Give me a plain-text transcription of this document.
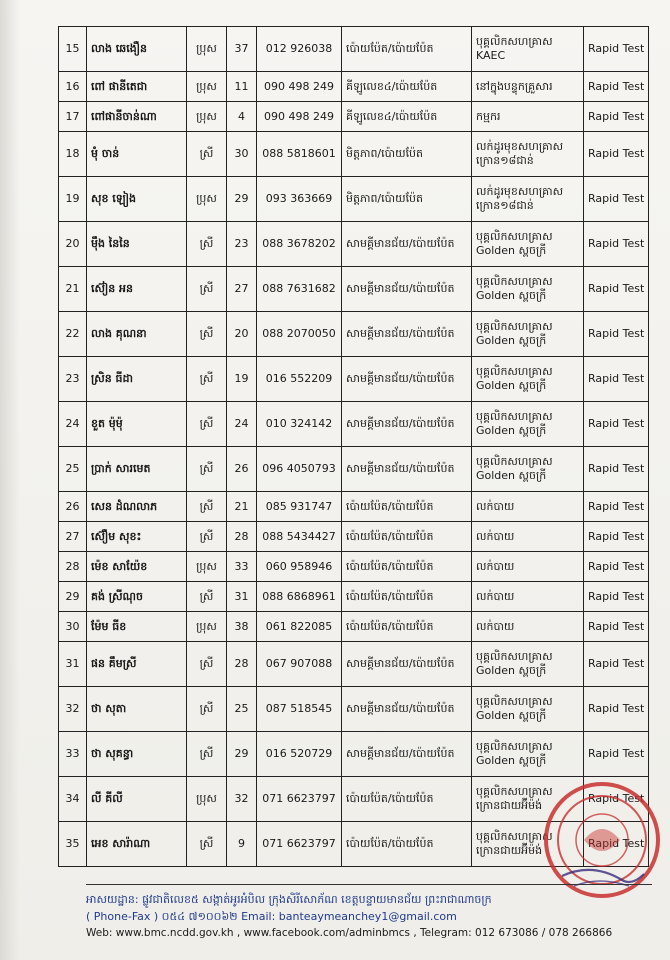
15	លាង ឆេងឿន	ប្រុស	37	012 926038	ប៉ោយប៉ែត/ប៉ោយប៉ែត	បុគ្គលិកសហគ្រាស
KAEC	Rapid Test
16	ពៅ ផានីតេជា	ប្រុស	11	090 498 249	គីឡូលេខ៤/ប៉ោយប៉ែត	នៅក្នុងបន្ទុកគ្រួសារ	Rapid Test
17	ពៅផានីចាន់ណា	ប្រុស	4	090 498 249	គីឡូលេខ៤/ប៉ោយប៉ែត	កម្មករ	Rapid Test
18	មុំ ចាន់	ស្រី	30	088 5818601	មិត្តភាព/ប៉ោយប៉ែត	លក់ដូរមុខសហគ្រាស
ក្រោន១៨ជាន់	Rapid Test
19	សុខ ឡៀង	ប្រុស	29	093 363669	មិត្តភាព/ប៉ោយប៉ែត	លក់ដូរមុខសហគ្រាស
ក្រោន១៨ជាន់	Rapid Test
20	ម៉ឹង នៃនៃ	ស្រី	23	088 3678202	សាមគ្គីមានជ័យ/ប៉ោយប៉ែត	បុគ្គលិកសហគ្រាស
Golden ស្ពចក្រី	Rapid Test
21	ស៊ៀន អន	ស្រី	27	088 7631682	សាមគ្គីមានជ័យ/ប៉ោយប៉ែត	បុគ្គលិកសហគ្រាស
Golden ស្ពចក្រី	Rapid Test
22	លាង គុណនា	ស្រី	20	088 2070050	សាមគ្គីមានជ័យ/ប៉ោយប៉ែត	បុគ្គលិកសហគ្រាស
Golden ស្ពចក្រី	Rapid Test
23	ស្រិន ធីដា	ស្រី	19	016 552209	សាមគ្គីមានជ័យ/ប៉ោយប៉ែត	បុគ្គលិកសហគ្រាស
Golden ស្ពចក្រី	Rapid Test
24	ខួត ម៉ុម៉ុ	ស្រី	24	010 324142	សាមគ្គីមានជ័យ/ប៉ោយប៉ែត	បុគ្គលិកសហគ្រាស
Golden ស្ពចក្រី	Rapid Test
25	ប្រាក់ សារមេត	ស្រី	26	096 4050793	សាមគ្គីមានជ័យ/ប៉ោយប៉ែត	បុគ្គលិកសហគ្រាស
Golden ស្ពចក្រី	Rapid Test
26	សេន ដំណលាភ	ស្រី	21	085 931747	ប៉ោយប៉ែត/ប៉ោយប៉ែត	លក់បាយ	Rapid Test
27	ស៊ឿម សុខះ	ស្រី	28	088 5434427	ប៉ោយប៉ែត/ប៉ោយប៉ែត	លក់បាយ	Rapid Test
28	ម៉េខ សាយ៉ែខ	ប្រុស	33	060 958946	ប៉ោយប៉ែត/ប៉ោយប៉ែត	លក់បាយ	Rapid Test
29	គង់ ស្រីណុច	ស្រី	31	088 6868961	ប៉ោយប៉ែត/ប៉ោយប៉ែត	លក់បាយ	Rapid Test
30	ម៉ែម ធីខ	ប្រុស	38	061 822085	ប៉ោយប៉ែត/ប៉ោយប៉ែត	លក់បាយ	Rapid Test
31	ផន គឹមស្រី	ស្រី	28	067 907088	សាមគ្គីមានជ័យ/ប៉ោយប៉ែត	បុគ្គលិកសហគ្រាស
Golden ស្ពចក្រី	Rapid Test
32	ថា សុតា	ស្រី	25	087 518545	សាមគ្គីមានជ័យ/ប៉ោយប៉ែត	បុគ្គលិកសហគ្រាស
Golden ស្ពចក្រី	Rapid Test
33	ថា សុគន្ធា	ស្រី	29	016 520729	សាមគ្គីមានជ័យ/ប៉ោយប៉ែត	បុគ្គលិកសហគ្រាស
Golden ស្ពចក្រី	Rapid Test
34	លី គីលី	ប្រុស	32	071 6623797	ប៉ោយប៉ែត/ប៉ោយប៉ែត	បុគ្គលិកសហគ្រាស
ក្រោនជាយអ៊ីម៉ង់	Rapid Test
35	អេខ សារ៉ាណា	ស្រី	9	071 6623797	ប៉ោយប៉ែត/ប៉ោយប៉ែត	បុគ្គលិកសហគ្រាស
ក្រោនជាយអ៊ីម៉ង់	Rapid Test
អាសយដ្ឋាន: ផ្លូវជាតិលេខ៥ សង្កាត់អូរអំបិល ក្រុងសិរីសោភ័ណ ខេត្តបន្ទាយមានជ័យ ព្រះរាជាណាចក្រ
( Phone-Fax ) ០៥៤ ៧១០០៦២ Email: banteaymeanchey1@gmail.com
Web: www.bmc.ncdd.gov.kh , www.facebook.com/adminbmcs , Telegram: 012 673086 / 078 266866
